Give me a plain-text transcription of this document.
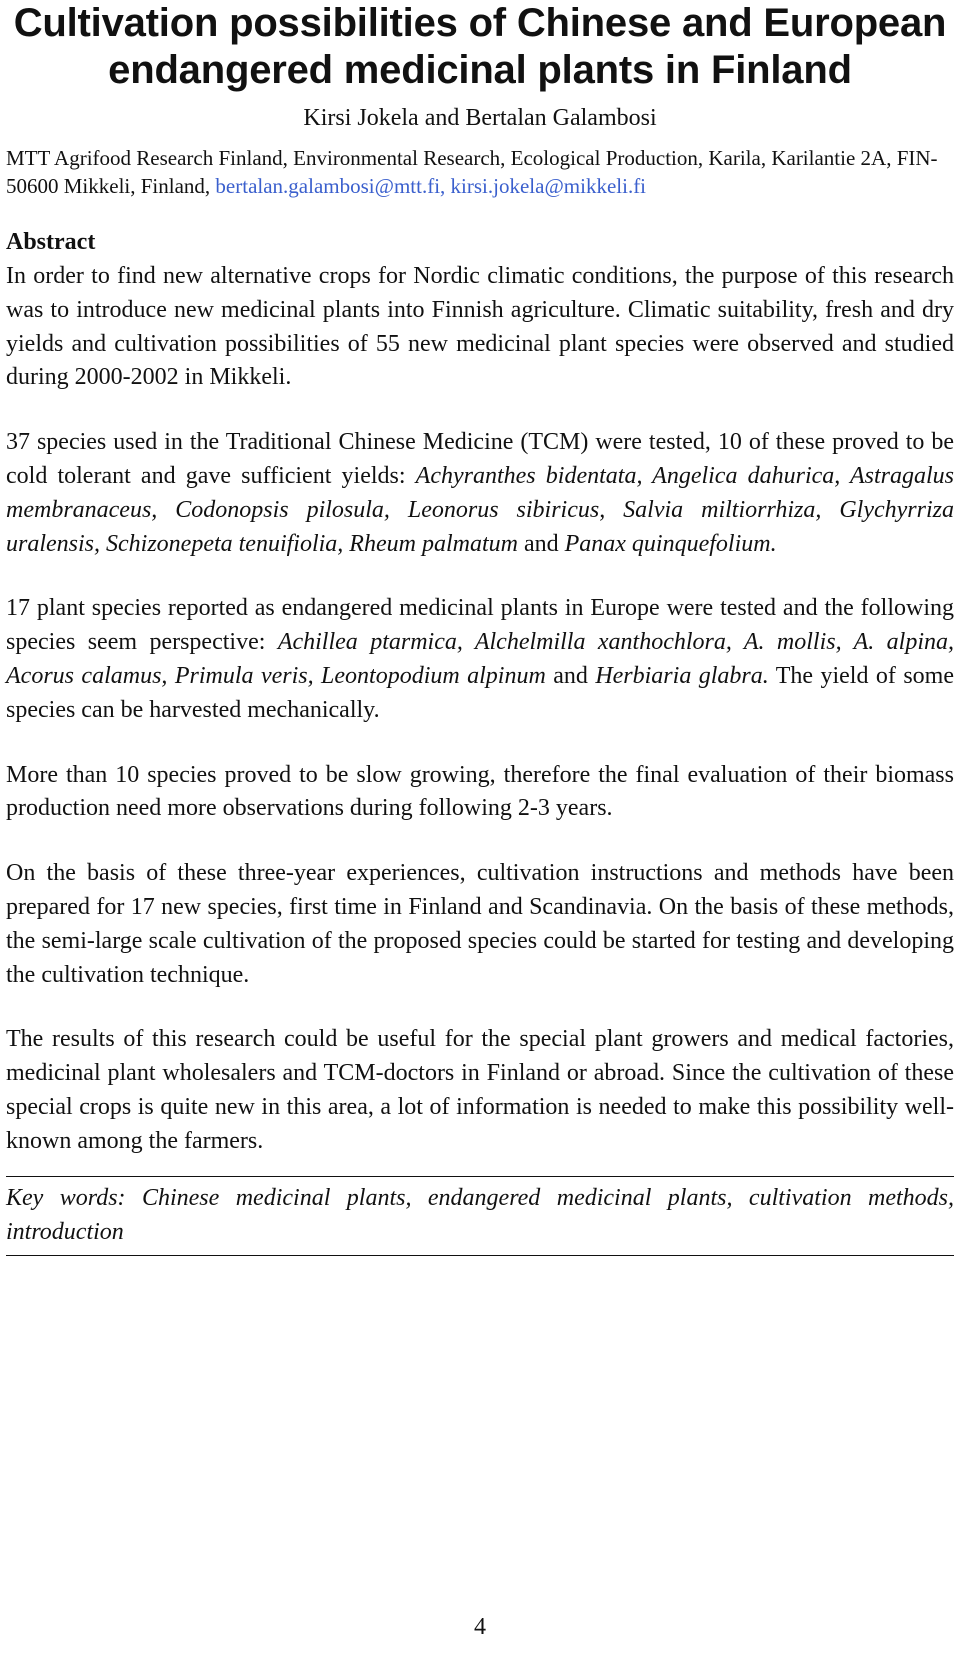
Cultivation possibilities of Chinese and European endangered medicinal plants in Finland
Kirsi Jokela and Bertalan Galambosi
MTT Agrifood Research Finland, Environmental Research, Ecological Production, Karila, Karilantie 2A, FIN-50600 Mikkeli, Finland, bertalan.galambosi@mtt.fi, kirsi.jokela@mikkeli.fi
Abstract

In order to find new alternative crops for Nordic climatic conditions, the purpose of this research was to introduce new medicinal plants into Finnish agriculture. Climatic suitability, fresh and dry yields and cultivation possibilities of 55 new medicinal plant species were observed and studied during 2000-2002 in Mikkeli.

37 species used in the Traditional Chinese Medicine (TCM) were tested, 10 of these proved to be cold tolerant and gave sufficient yields: Achyranthes bidentata, Angelica dahurica, Astragalus membranaceus, Codonopsis pilosula, Leonorus sibiricus, Salvia miltiorrhiza, Glychyrriza uralensis, Schizonepeta tenuifiolia, Rheum palmatum and Panax quinquefolium.

17 plant species reported as endangered medicinal plants in Europe were tested and the following species seem perspective: Achillea ptarmica, Alchelmilla xanthochlora, A. mollis, A. alpina, Acorus calamus, Primula veris, Leontopodium alpinum and Herbiaria glabra. The yield of some species can be harvested mechanically.

More than 10 species proved to be slow growing, therefore the final evaluation of their biomass production need more observations during following 2-3 years.

On the basis of these three-year experiences, cultivation instructions and methods have been prepared for 17 new species, first time in Finland and Scandinavia. On the basis of these methods, the semi-large scale cultivation of the proposed species could be started for testing and developing the cultivation technique.

The results of this research could be useful for the special plant growers and medical factories, medicinal plant wholesalers and TCM-doctors in Finland or abroad. Since the cultivation of these special crops is quite new in this area, a lot of information is needed to make this possibility well-known among the farmers.

Key words: Chinese medicinal plants, endangered medicinal plants, cultivation methods, introduction
4
